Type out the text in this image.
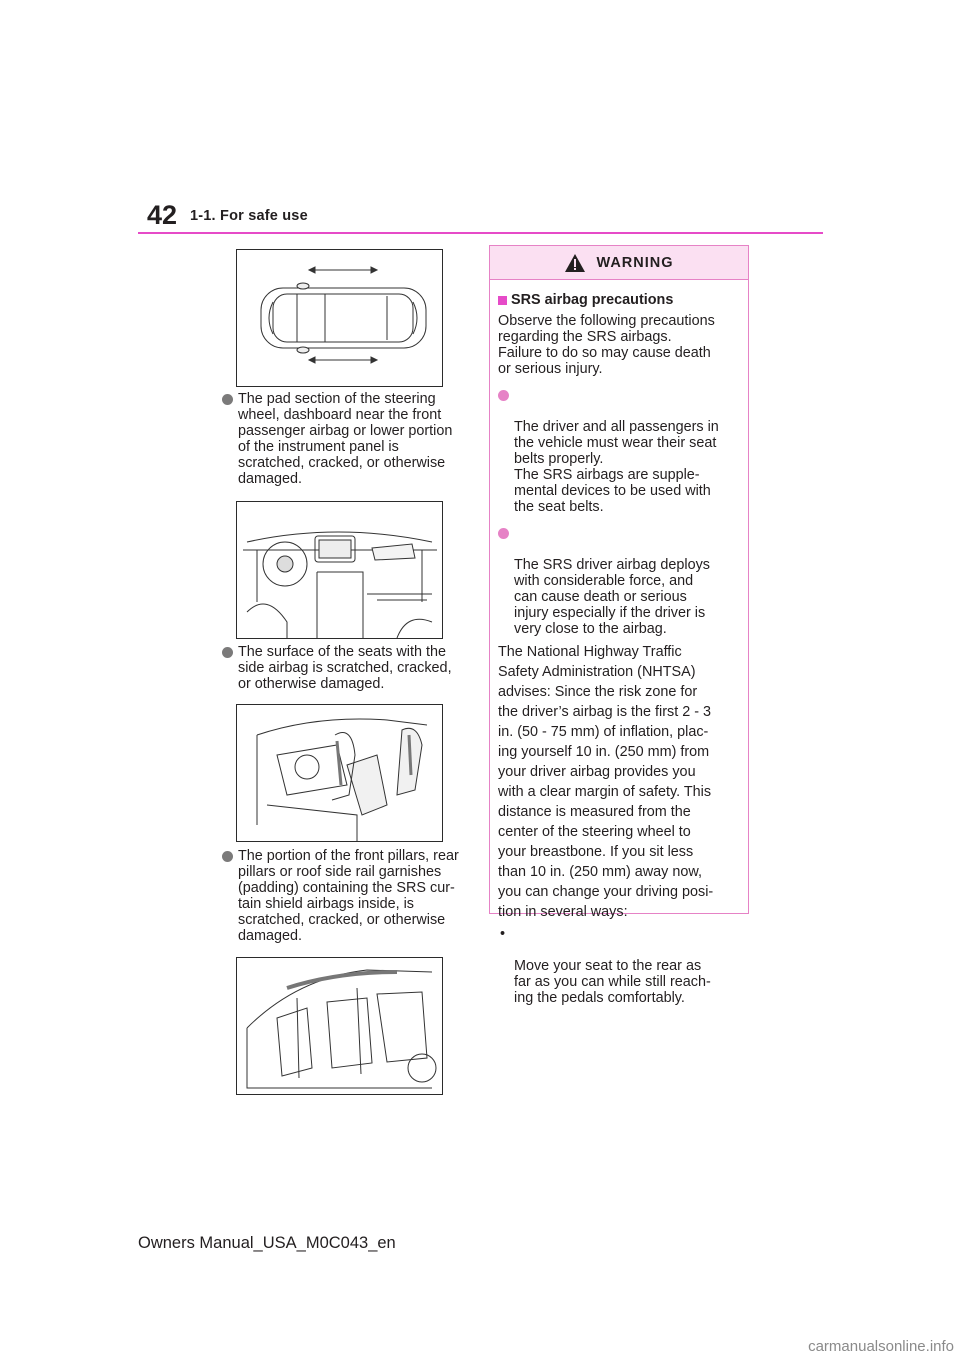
42 1-1. For safe use
The pad section of the steering
wheel, dashboard near the front
passenger airbag or lower portion
of the instrument panel is
scratched, cracked, or otherwise
damaged.
The surface of the seats with the
side airbag is scratched, cracked,
or otherwise damaged.
The portion of the front pillars, rear
pillars or roof side rail garnishes
(padding) containing the SRS cur-
tain shield airbags inside, is
scratched, cracked, or otherwise
damaged.
WARNING
SRS airbag precautions
Observe the following precautions
regarding the SRS airbags.
Failure to do so may cause death
or serious injury.

The driver and all passengers in
the vehicle must wear their seat
belts properly.
The SRS airbags are supple-
mental devices to be used with
the seat belts.

The SRS driver airbag deploys
with considerable force, and
can cause death or serious
injury especially if the driver is
very close to the airbag.

The National Highway Traffic
Safety Administration (NHTSA)
advises: Since the risk zone for
the driver’s airbag is the first 2 - 3
in. (50 - 75 mm) of inflation, plac-
ing yourself 10 in. (250 mm) from
your driver airbag provides you
with a clear margin of safety. This
distance is measured from the
center of the steering wheel to
your breastbone. If you sit less
than 10 in. (250 mm) away now,
you can change your driving posi-
tion in several ways:

•

Move your seat to the rear as
far as you can while still reach-
ing the pedals comfortably.

Owners Manual_USA_M0C043_en
carmanualsonline.info
